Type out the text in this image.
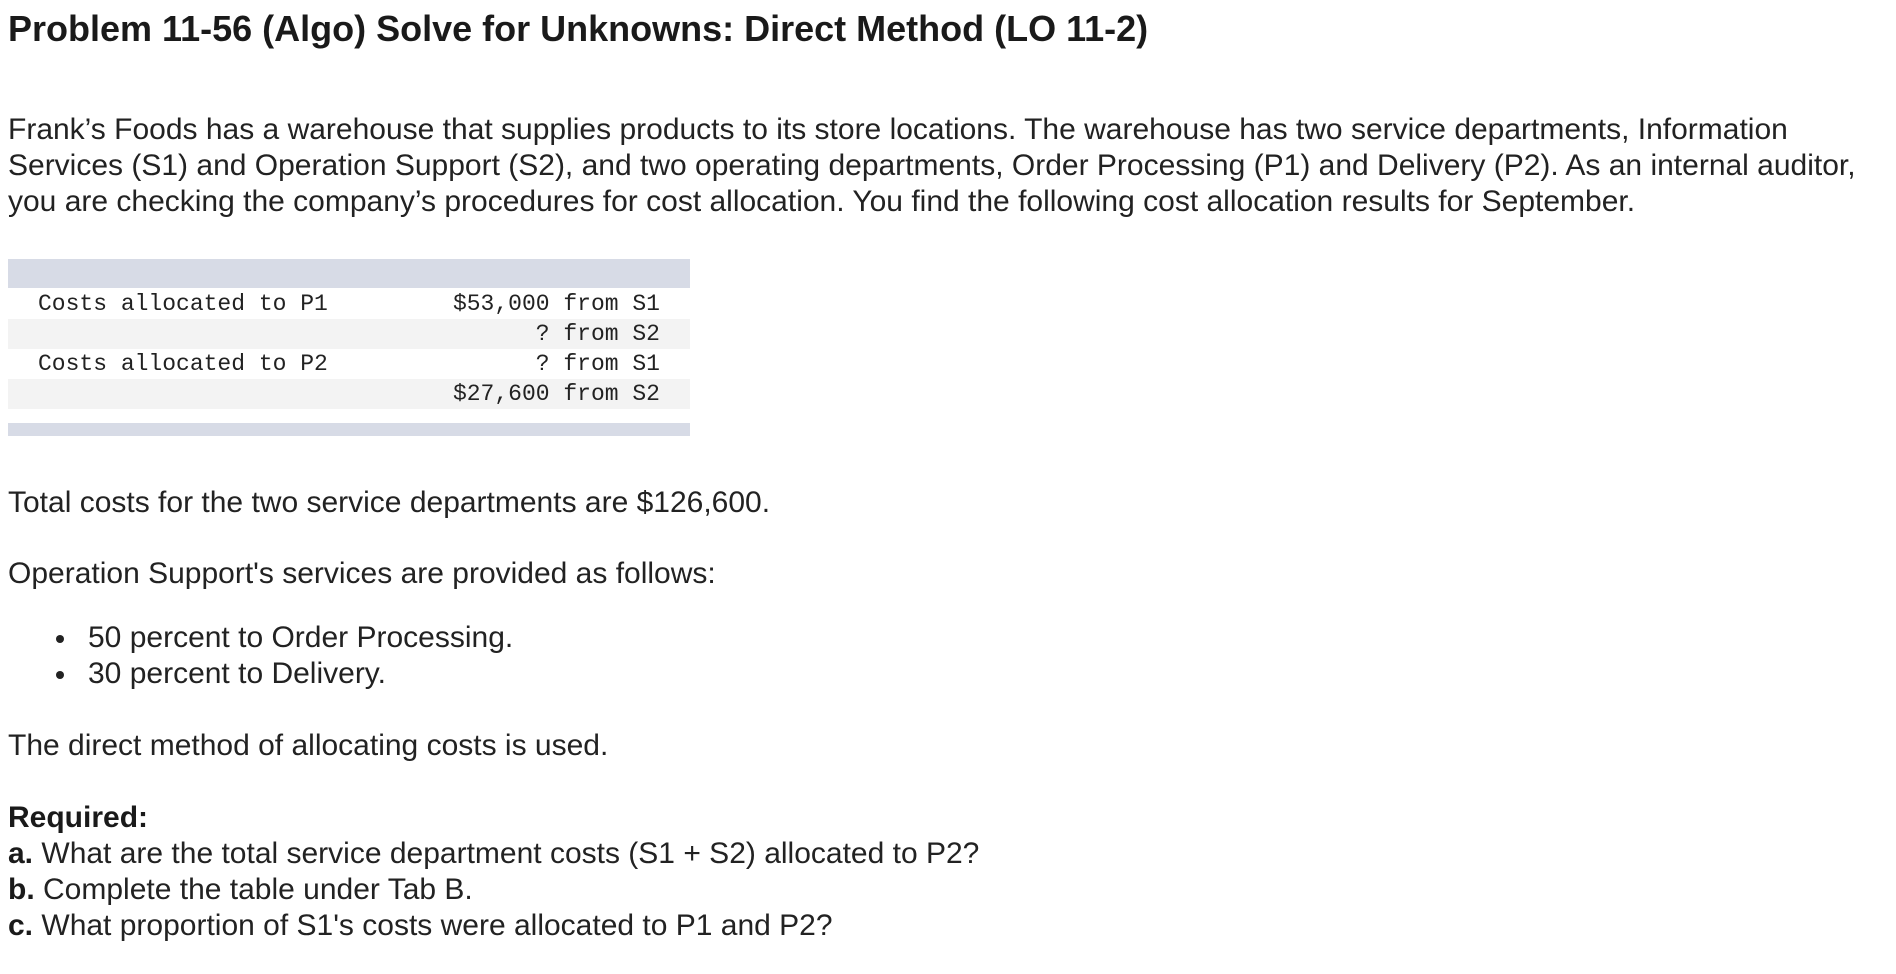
Problem 11-56 (Algo) Solve for Unknowns: Direct Method (LO 11-2)

Frank’s Foods has a warehouse that supplies products to its store locations. The warehouse has two service departments, Information Services (S1) and Operation Support (S2), and two operating departments, Order Processing (P1) and Delivery (P2). As an internal auditor, you are checking the company’s procedures for cost allocation. You find the following cost allocation results for September.

Costs allocated to P1	$53,000 from S1
? from S2
Costs allocated to P2	? from S1
$27,600 from S2

Total costs for the two service departments are $126,600.

Operation Support's services are provided as follows:

50 percent to Order Processing.
30 percent to Delivery.

The direct method of allocating costs is used.

Required:
a. What are the total service department costs (S1 + S2) allocated to P2?
b. Complete the table under Tab B.
c. What proportion of S1's costs were allocated to P1 and P2?
